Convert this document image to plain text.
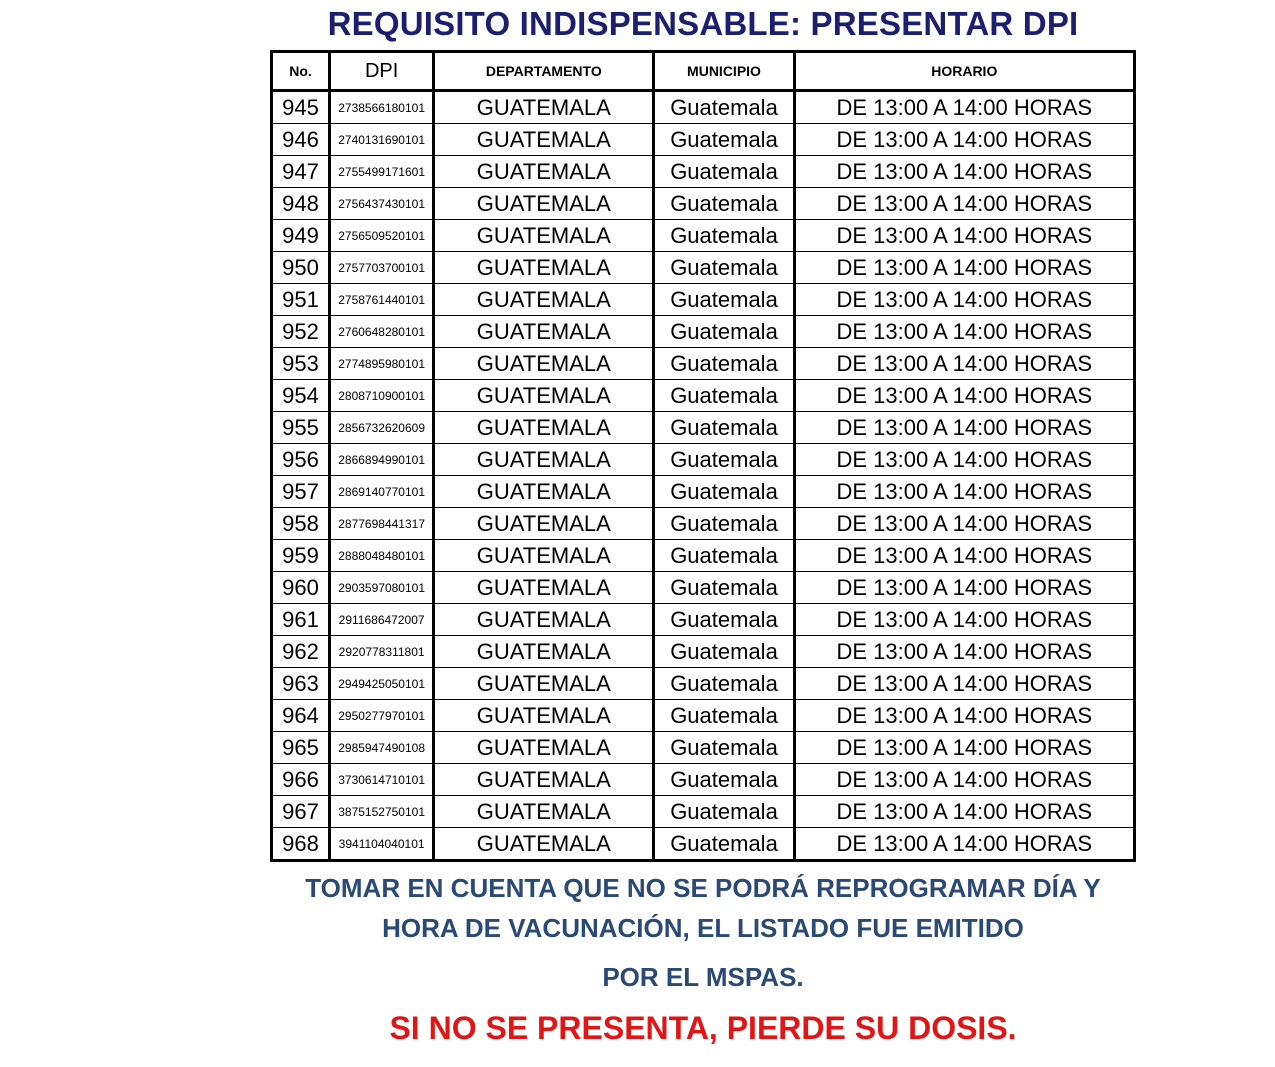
REQUISITO INDISPENSABLE: PRESENTAR DPI
No.	DPI	DEPARTAMENTO	MUNICIPIO	HORARIO
945	2738566180101	GUATEMALA	Guatemala	DE 13:00 A 14:00 HORAS
946	2740131690101	GUATEMALA	Guatemala	DE 13:00 A 14:00 HORAS
947	2755499171601	GUATEMALA	Guatemala	DE 13:00 A 14:00 HORAS
948	2756437430101	GUATEMALA	Guatemala	DE 13:00 A 14:00 HORAS
949	2756509520101	GUATEMALA	Guatemala	DE 13:00 A 14:00 HORAS
950	2757703700101	GUATEMALA	Guatemala	DE 13:00 A 14:00 HORAS
951	2758761440101	GUATEMALA	Guatemala	DE 13:00 A 14:00 HORAS
952	2760648280101	GUATEMALA	Guatemala	DE 13:00 A 14:00 HORAS
953	2774895980101	GUATEMALA	Guatemala	DE 13:00 A 14:00 HORAS
954	2808710900101	GUATEMALA	Guatemala	DE 13:00 A 14:00 HORAS
955	2856732620609	GUATEMALA	Guatemala	DE 13:00 A 14:00 HORAS
956	2866894990101	GUATEMALA	Guatemala	DE 13:00 A 14:00 HORAS
957	2869140770101	GUATEMALA	Guatemala	DE 13:00 A 14:00 HORAS
958	2877698441317	GUATEMALA	Guatemala	DE 13:00 A 14:00 HORAS
959	2888048480101	GUATEMALA	Guatemala	DE 13:00 A 14:00 HORAS
960	2903597080101	GUATEMALA	Guatemala	DE 13:00 A 14:00 HORAS
961	2911686472007	GUATEMALA	Guatemala	DE 13:00 A 14:00 HORAS
962	2920778311801	GUATEMALA	Guatemala	DE 13:00 A 14:00 HORAS
963	2949425050101	GUATEMALA	Guatemala	DE 13:00 A 14:00 HORAS
964	2950277970101	GUATEMALA	Guatemala	DE 13:00 A 14:00 HORAS
965	2985947490108	GUATEMALA	Guatemala	DE 13:00 A 14:00 HORAS
966	3730614710101	GUATEMALA	Guatemala	DE 13:00 A 14:00 HORAS
967	3875152750101	GUATEMALA	Guatemala	DE 13:00 A 14:00 HORAS
968	3941104040101	GUATEMALA	Guatemala	DE 13:00 A 14:00 HORAS
TOMAR EN CUENTA QUE NO SE PODRÁ REPROGRAMAR DÍA Y
HORA DE VACUNACIÓN, EL LISTADO FUE EMITIDO
POR EL MSPAS.
SI NO SE PRESENTA, PIERDE SU DOSIS.
